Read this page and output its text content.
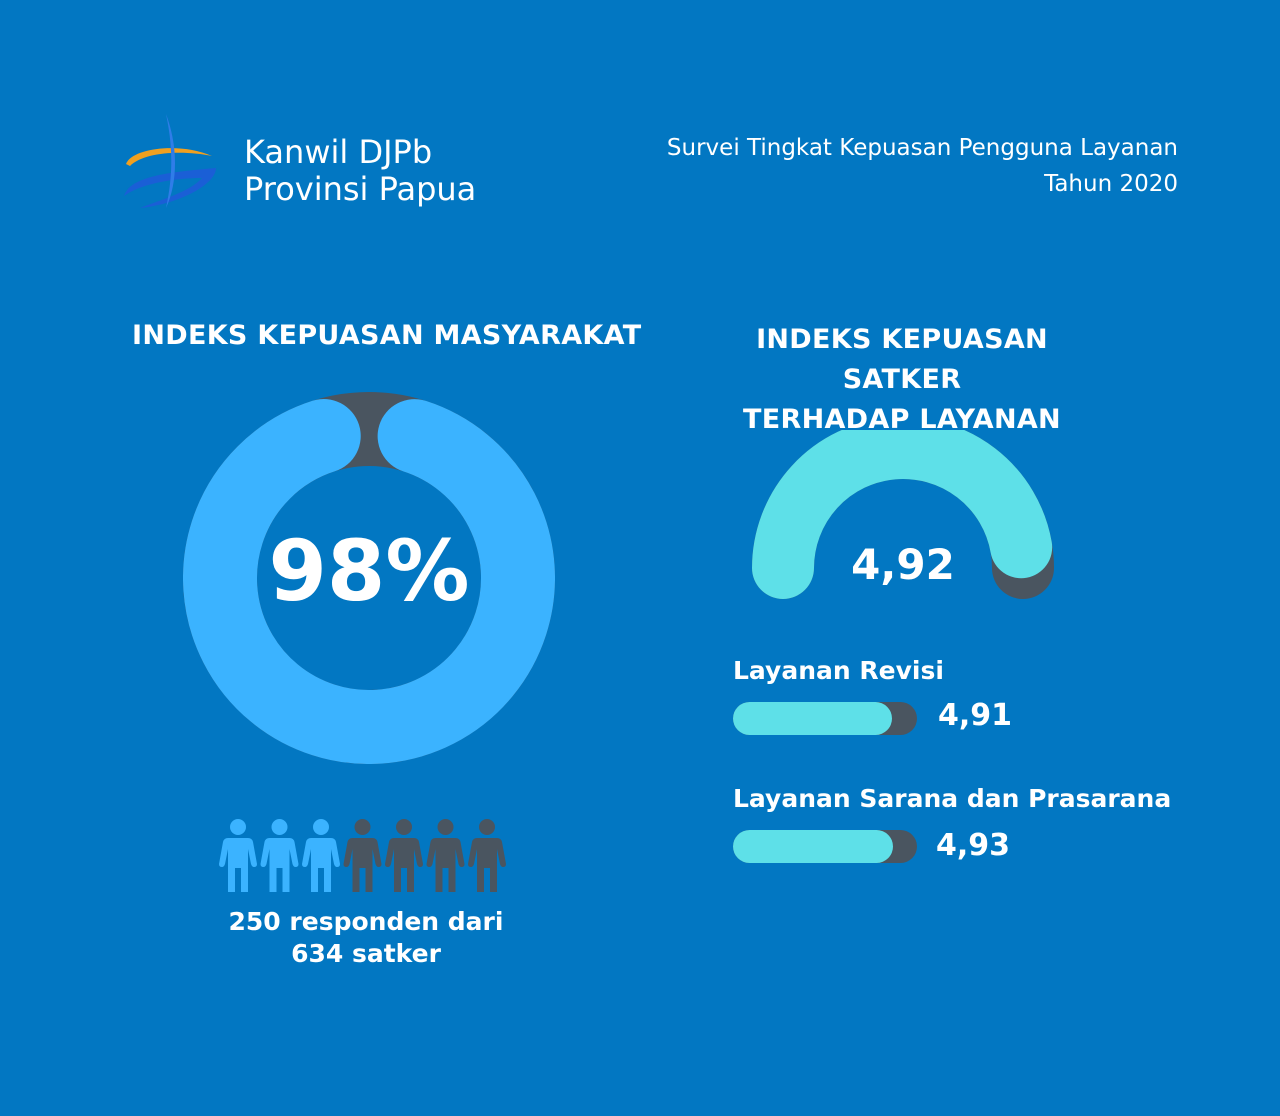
Kanwil DJPb
Provinsi Papua
Survei Tingkat Kepuasan Pengguna Layanan
Tahun 2020
INDEKS KEPUASAN MASYARAKAT
98%
250 responden dari
634 satker
INDEKS KEPUASAN SATKER
TERHADAP LAYANAN
4,92
Layanan Revisi
4,91
Layanan Sarana dan Prasarana
4,93
